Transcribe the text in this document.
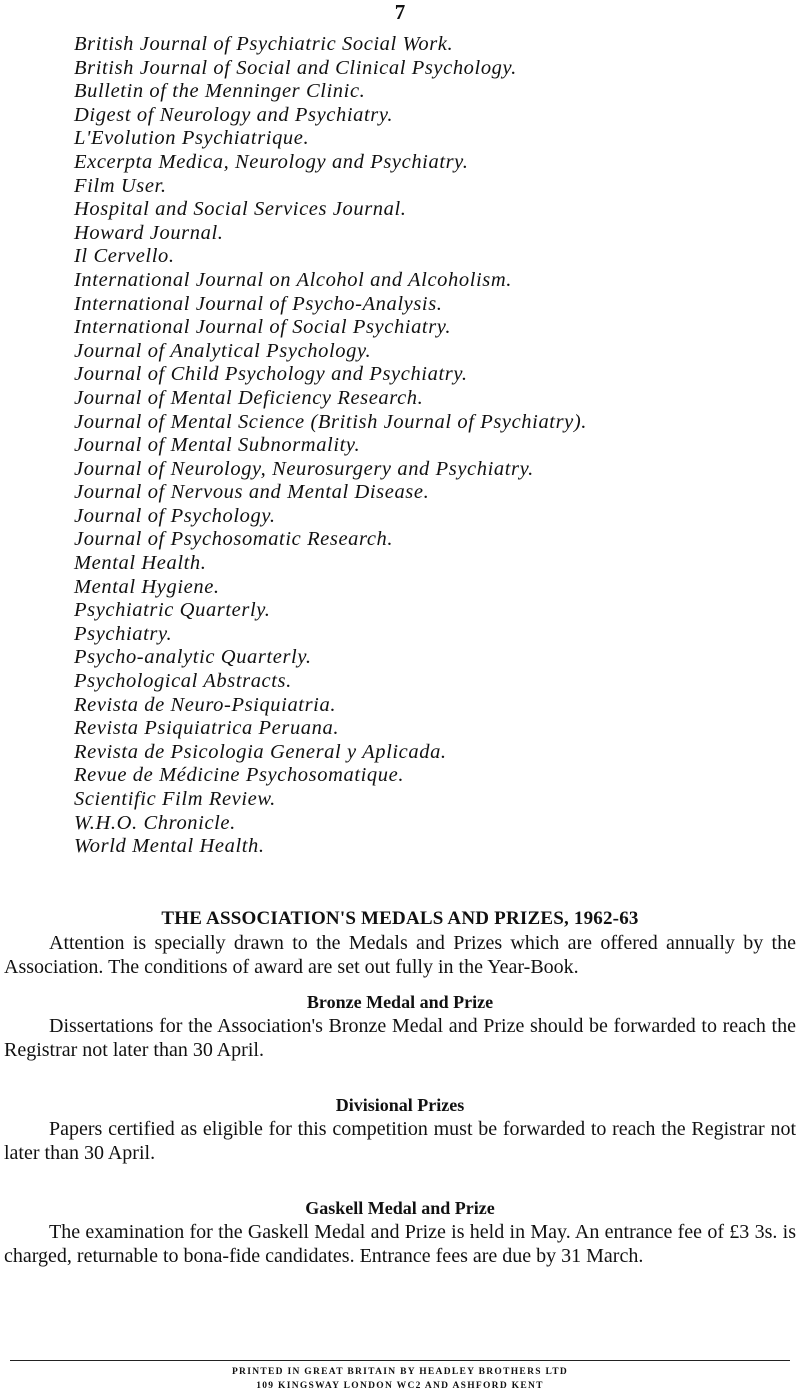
7
British Journal of Psychiatric Social Work.
British Journal of Social and Clinical Psychology.
Bulletin of the Menninger Clinic.
Digest of Neurology and Psychiatry.
L'Evolution Psychiatrique.
Excerpta Medica, Neurology and Psychiatry.
Film User.
Hospital and Social Services Journal.
Howard Journal.
Il Cervello.
International Journal on Alcohol and Alcoholism.
International Journal of Psycho-Analysis.
International Journal of Social Psychiatry.
Journal of Analytical Psychology.
Journal of Child Psychology and Psychiatry.
Journal of Mental Deficiency Research.
Journal of Mental Science (British Journal of Psychiatry).
Journal of Mental Subnormality.
Journal of Neurology, Neurosurgery and Psychiatry.
Journal of Nervous and Mental Disease.
Journal of Psychology.
Journal of Psychosomatic Research.
Mental Health.
Mental Hygiene.
Psychiatric Quarterly.
Psychiatry.
Psycho-analytic Quarterly.
Psychological Abstracts.
Revista de Neuro-Psiquiatria.
Revista Psiquiatrica Peruana.
Revista de Psicologia General y Aplicada.
Revue de Médicine Psychosomatique.
Scientific Film Review.
W.H.O. Chronicle.
World Mental Health.
THE ASSOCIATION'S MEDALS AND PRIZES, 1962-63

Attention is specially drawn to the Medals and Prizes which are offered annually by the Association. The conditions of award are set out fully in the Year-Book.

Bronze Medal and Prize

Dissertations for the Association's Bronze Medal and Prize should be forwarded to reach the Registrar not later than 30 April.

Divisional Prizes

Papers certified as eligible for this competition must be forwarded to reach the Registrar not later than 30 April.

Gaskell Medal and Prize

The examination for the Gaskell Medal and Prize is held in May. An entrance fee of £3 3s. is charged, returnable to bona-fide candidates. Entrance fees are due by 31 March.

PRINTED IN GREAT BRITAIN BY HEADLEY BROTHERS LTD
109 KINGSWAY LONDON WC2 AND ASHFORD KENT
